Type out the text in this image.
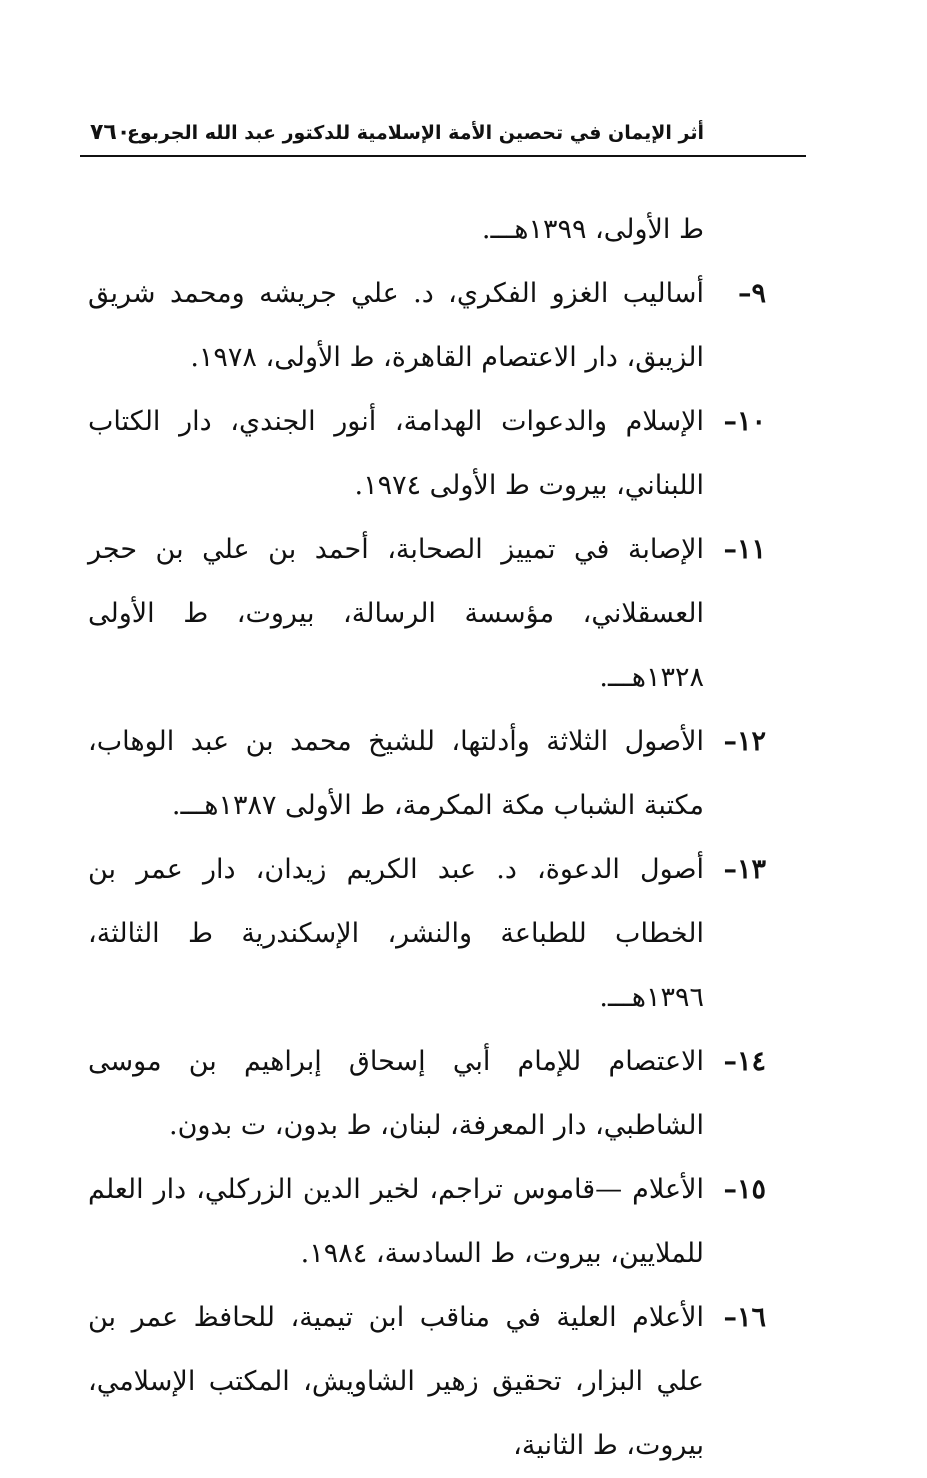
أثر الإيمان في تحصين الأمة الإسلامية للدكتور عبد الله الجربوع
٧٦٠
ط الأولى، ١٣٩٩هـــ.
٩–
أساليب الغزو الفكري، د. علي جريشه ومحمد شريق الزيبق، دار الاعتصام القاهرة، ط الأولى، ١٩٧٨.
١٠–
الإسلام والدعوات الهدامة، أنور الجندي، دار الكتاب اللبناني، بيروت ط الأولى ١٩٧٤.
١١–
الإصابة في تمييز الصحابة، أحمد بن علي بن حجر العسقلاني، مؤسسة الرسالة، بيروت، ط الأولى ١٣٢٨هـــ.
١٢–
الأصول الثلاثة وأدلتها، للشيخ محمد بن عبد الوهاب، مكتبة الشباب مكة المكرمة، ط الأولى ١٣٨٧هـــ.
١٣–
أصول الدعوة، د. عبد الكريم زيدان، دار عمر بن الخطاب للطباعة والنشر، الإسكندرية ط الثالثة، ١٣٩٦هـــ.
١٤–
الاعتصام للإمام أبي إسحاق إبراهيم بن موسى الشاطبي، دار المعرفة، لبنان، ط بدون، ت بدون.
١٥–
الأعلام —قاموس تراجم، لخير الدين الزركلي، دار العلم للملايين، بيروت، ط السادسة، ١٩٨٤.
١٦–
الأعلام العلية في مناقب ابن تيمية، للحافظ عمر بن علي البزار، تحقيق زهير الشاويش، المكتب الإسلامي، بيروت، ط الثانية،
